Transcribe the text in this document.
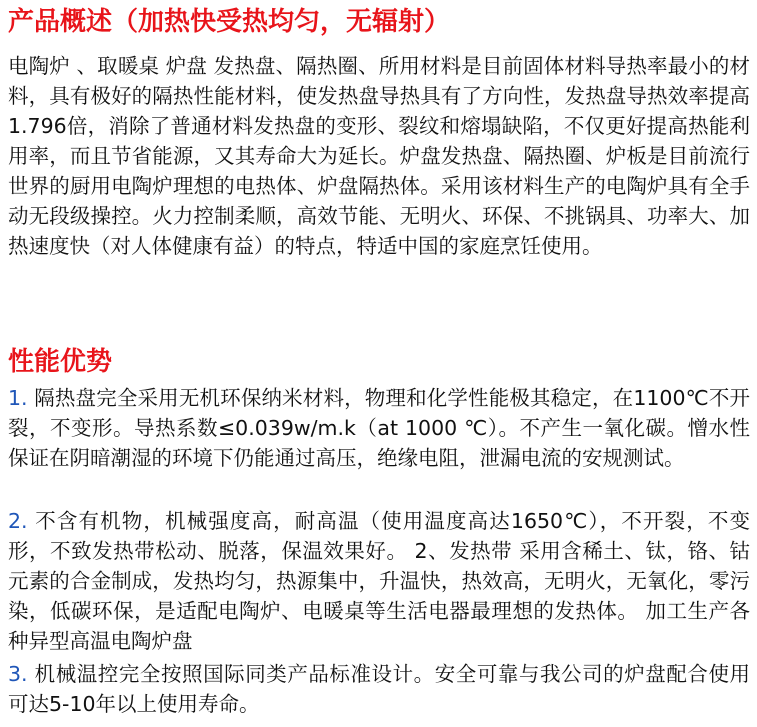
产品概述（加热快受热均匀，无辐射）

电陶炉 、取暖桌 炉盘 发热盘、隔热圈、所用材料是目前固体材料导热率最小的材料，具有极好的隔热性能材料，使发热盘导热具有了方向性，发热盘导热效率提高1.796倍，消除了普通材料发热盘的变形、裂纹和熔塌缺陷，不仅更好提高热能利用率，而且节省能源，又其寿命大为延长。炉盘发热盘、隔热圈、炉板是目前流行世界的厨用电陶炉理想的电热体、炉盘隔热体。采用该材料生产的电陶炉具有全手动无段级操控。火力控制柔顺，高效节能、无明火、环保、不挑锅具、功率大、加热速度快（对人体健康有益）的特点，特适中国的家庭烹饪使用。

性能优势

1. 隔热盘完全采用无机环保纳米材料，物理和化学性能极其稳定，在1100℃不开裂，不变形。导热系数≤0.039w/m.k（at 1000 ℃）。不产生一氧化碳。憎水性保证在阴暗潮湿的环境下仍能通过高压，绝缘电阻，泄漏电流的安规测试。

2. 不含有机物，机械强度高，耐高温（使用温度高达1650℃），不开裂，不变形，不致发热带松动、脱落，保温效果好。 2、发热带 采用含稀土、钛，铬、钴元素的合金制成，发热均匀，热源集中，升温快，热效高，无明火，无氧化，零污染，低碳环保，是适配电陶炉、电暖桌等生活电器最理想的发热体。 加工生产各种异型高温电陶炉盘

3. 机械温控完全按照国际同类产品标准设计。安全可靠与我公司的炉盘配合使用可达5-10年以上使用寿命。
